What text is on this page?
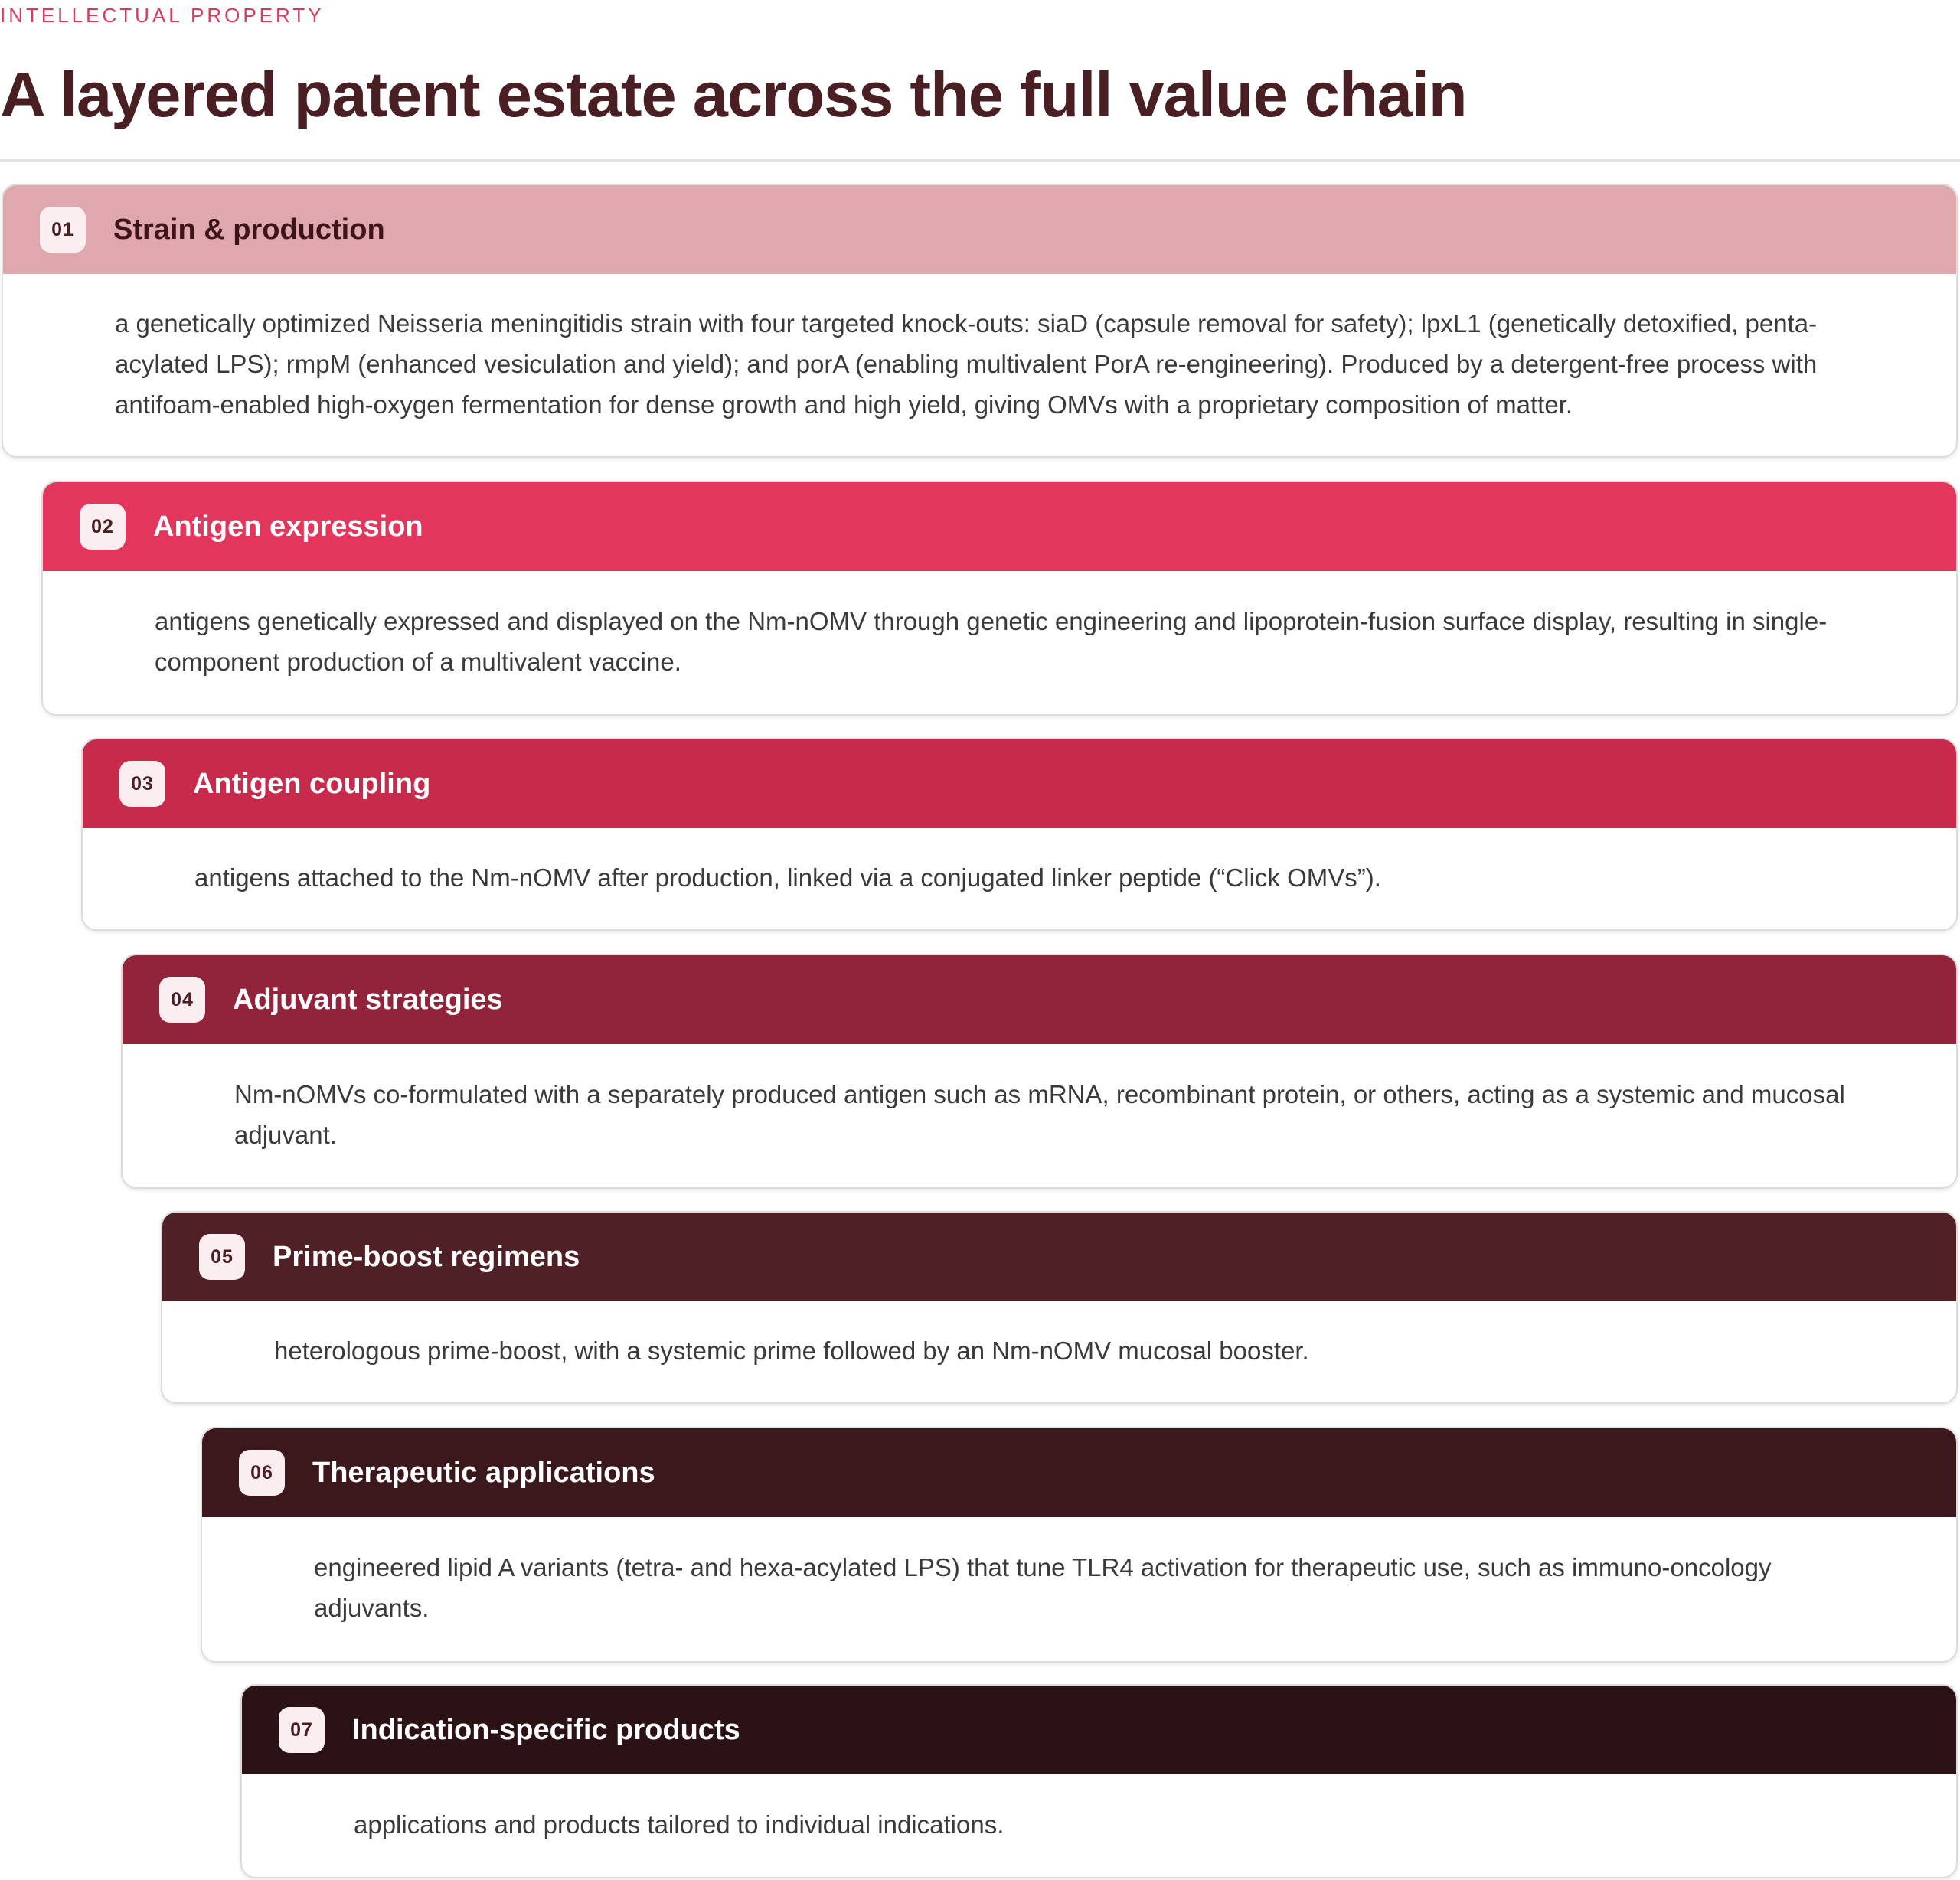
INTELLECTUAL PROPERTY
A layered patent estate across the full value chain
01	Strain & production
a genetically optimized Neisseria meningitidis strain with four targeted knock-outs: siaD (capsule removal for safety); lpxL1 (genetically detoxified, penta-acylated LPS); rmpM (enhanced vesiculation and yield); and porA (enabling multivalent PorA re-engineering). Produced by a detergent-free process with antifoam-enabled high-oxygen fermentation for dense growth and high yield, giving OMVs with a proprietary composition of matter.
02	Antigen expression
antigens genetically expressed and displayed on the Nm-nOMV through genetic engineering and lipoprotein-fusion surface display, resulting in single-component production of a multivalent vaccine.
03	Antigen coupling
antigens attached to the Nm-nOMV after production, linked via a conjugated linker peptide (“Click OMVs”).
04	Adjuvant strategies
Nm-nOMVs co-formulated with a separately produced antigen such as mRNA, recombinant protein, or others, acting as a systemic and mucosal adjuvant.
05	Prime-boost regimens
heterologous prime-boost, with a systemic prime followed by an Nm-nOMV mucosal booster.
06	Therapeutic applications
engineered lipid A variants (tetra- and hexa-acylated LPS) that tune TLR4 activation for therapeutic use, such as immuno-oncology adjuvants.
07	Indication-specific products
applications and products tailored to individual indications.
